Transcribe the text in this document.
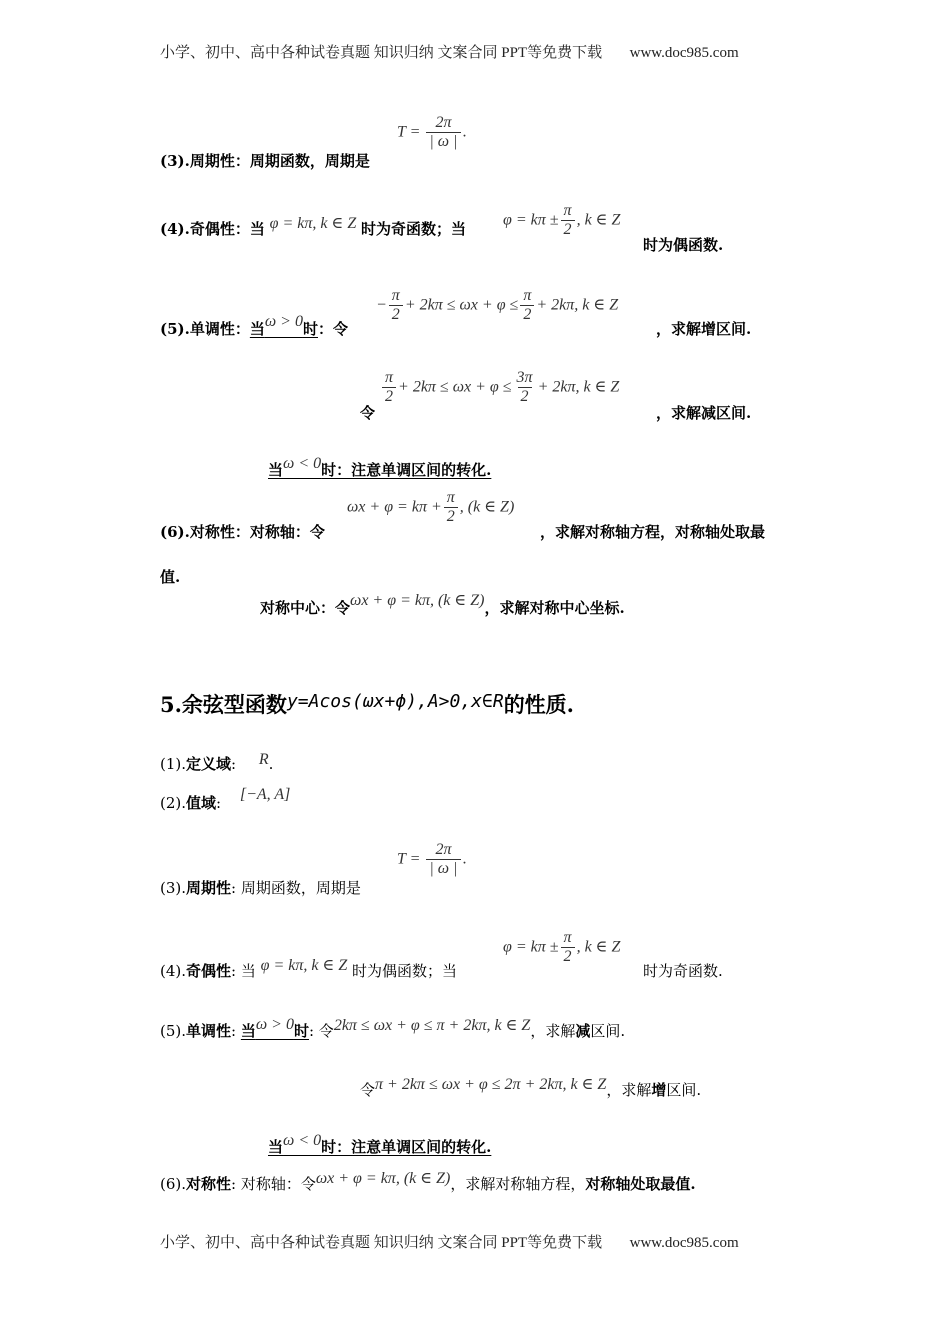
小学、初中、高中各种试卷真题 知识归纳 文案合同 PPT等免费下载 www.doc985.com
(3).周期性：周期函数，周期是
$T = \frac{2\pi}{| \omega |}$ .
(4).奇偶性：当 φ = kπ, k ∈ Z 时为奇函数；当
$\varphi = k\pi \pm \frac{\pi}{2}$ , k ∈ Z
时为偶函数.
(5).单调性：当ω > 0时：令
− $\frac{\pi}{2} + 2k\pi \le \omega x + \varphi \le \frac{\pi}{2} + 2k\pi$, k ∈ Z
，求解增区间.
令
$\frac{\pi}{2} + 2k\pi \le \omega x + \varphi \le \frac{3\pi}{2} + 2k\pi$, k ∈ Z
，求解减区间.
当ω < 0时：注意单调区间的转化.
(6).对称性：对称轴：令
$\omega x + \varphi = k\pi + \frac{\pi}{2}$ , (k ∈ Z)
，求解对称轴方程，对称轴处取最
值.
对称中心：令ωx + φ = kπ, (k ∈ Z)，求解对称中心坐标.
5.余弦型函数y=Acos(ωx+ϕ),A>0,x∈R的性质.
(1).定义域: R.
(2).值域: [−A, A]
(3).周期性: 周期函数，周期是
$T = \frac{2\pi}{| \omega |}$ .
(4).奇偶性: 当 φ = kπ, k ∈ Z 时为偶函数；当
$\varphi = k\pi \pm \frac{\pi}{2}$ , k ∈ Z
时为奇函数.
(5).单调性: 当ω > 0时: 令2kπ ≤ ωx + φ ≤ π + 2kπ, k ∈ Z，求解减区间.
令π + 2kπ ≤ ωx + φ ≤ 2π + 2kπ, k ∈ Z，求解增区间.
当ω < 0时：注意单调区间的转化.
(6).对称性: 对称轴：令ωx + φ = kπ, (k ∈ Z)，求解对称轴方程，对称轴处取最值.
小学、初中、高中各种试卷真题 知识归纳 文案合同 PPT等免费下载 www.doc985.com
